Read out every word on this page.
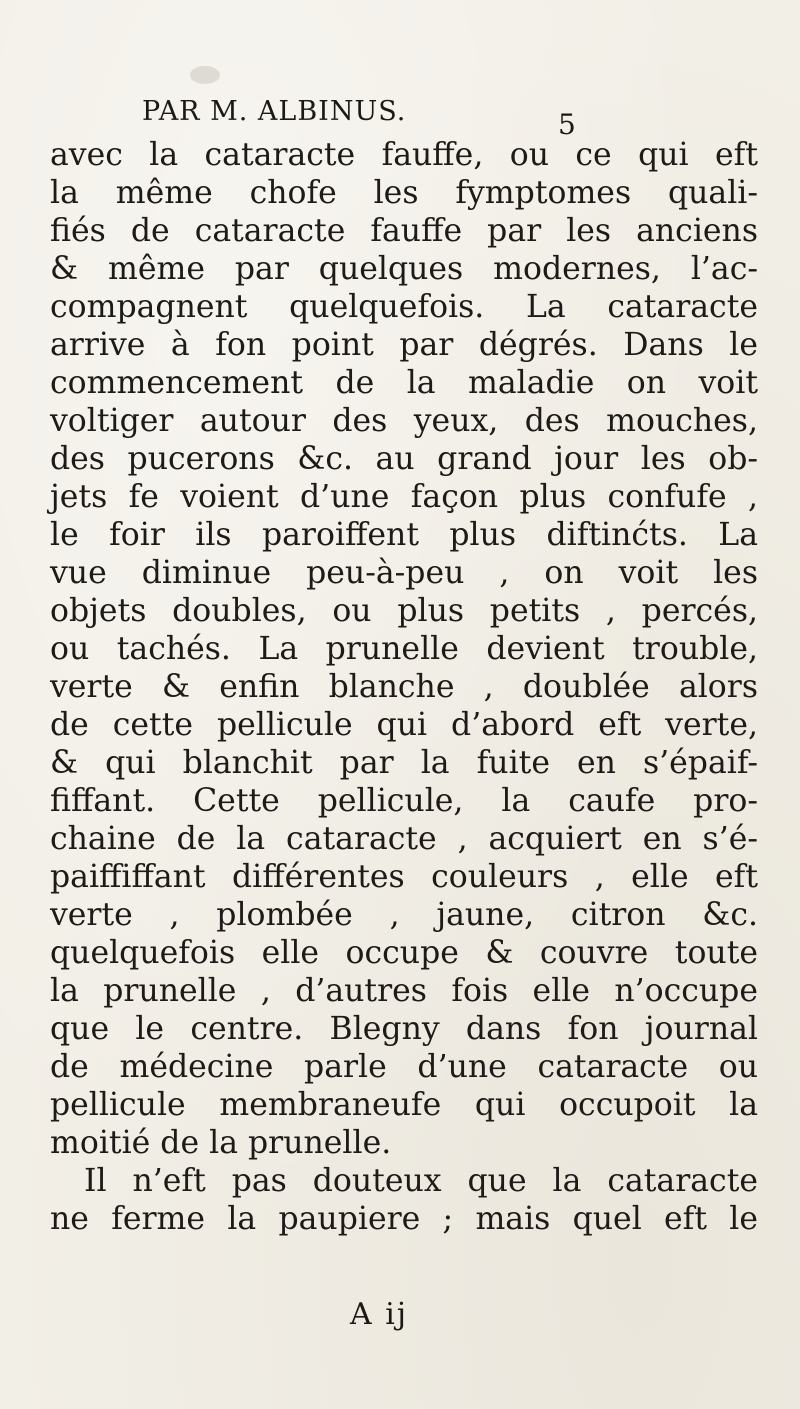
PAR M. ALBINUS.	5
avec la cataracte fauffe, ou ce qui eft
la même chofe les fymptomes quali-
fiés de cataracte fauffe par les anciens
& même par quelques modernes, l’ac-
compagnent quelquefois. La cataracte
arrive à fon point par dégrés. Dans le
commencement de la maladie on voit
voltiger autour des yeux, des mouches,
des pucerons &c. au grand jour les ob-
jets fe voient d’une façon plus confufe ,
le foir ils paroiffent plus diftinćts. La
vue diminue peu-à-peu , on voit les
objets doubles, ou plus petits , percés,
ou tachés. La prunelle devient trouble,
verte & enfin blanche , doublée alors
de cette pellicule qui d’abord eft verte,
& qui blanchit par la fuite en s’épaif-
fiffant. Cette pellicule, la caufe pro-
chaine de la cataracte , acquiert en s’é-
paiffiffant différentes couleurs , elle eft
verte , plombée , jaune, citron &c.
quelquefois elle occupe & couvre toute
la prunelle , d’autres fois elle n’occupe
que le centre. Blegny dans fon journal
de médecine parle d’une cataracte ou
pellicule membraneufe qui occupoit la
moitié de la prunelle.
Il n’eft pas douteux que la cataracte
ne ferme la paupiere ; mais quel eft le
A ij
